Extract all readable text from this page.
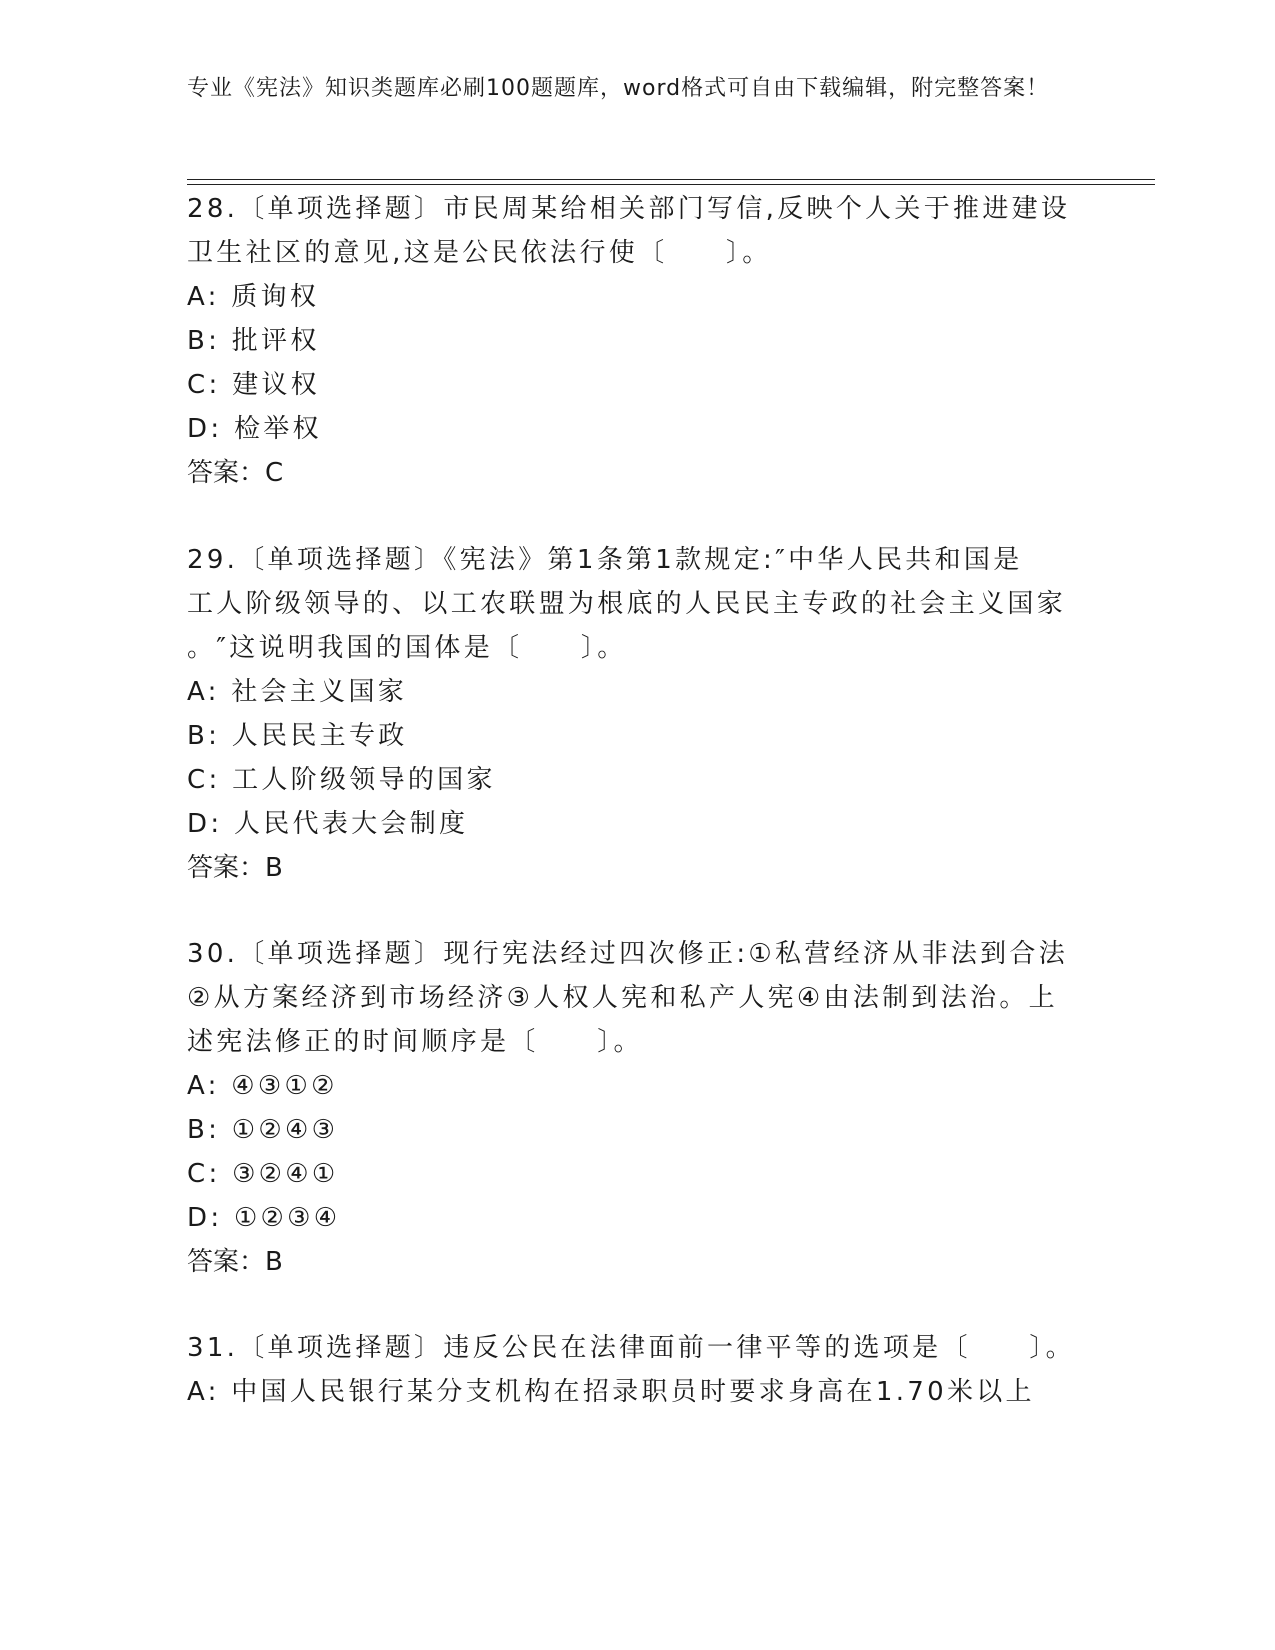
专业《宪法》知识类题库必刷100题题库，word格式可自由下载编辑，附完整答案！
28.〔单项选择题〕市民周某给相关部门写信,反映个人关于推进建设
卫生社区的意见,这是公民依法行使〔　　〕。
A: 质询权
B: 批评权
C: 建议权
D: 检举权
答案：C
29.〔单项选择题〕《宪法》第1条第1款规定:″中华人民共和国是
工人阶级领导的、以工农联盟为根底的人民民主专政的社会主义国家
。″这说明我国的国体是〔　　〕。
A: 社会主义国家
B: 人民民主专政
C: 工人阶级领导的国家
D: 人民代表大会制度
答案：B
30.〔单项选择题〕现行宪法经过四次修正:①私营经济从非法到合法
②从方案经济到市场经济③人权人宪和私产人宪④由法制到法治。上
述宪法修正的时间顺序是〔　　〕。
A: ④③①②
B: ①②④③
C: ③②④①
D: ①②③④
答案：B
31.〔单项选择题〕违反公民在法律面前一律平等的选项是〔　　〕。
A: 中国人民银行某分支机构在招录职员时要求身高在1.70米以上
